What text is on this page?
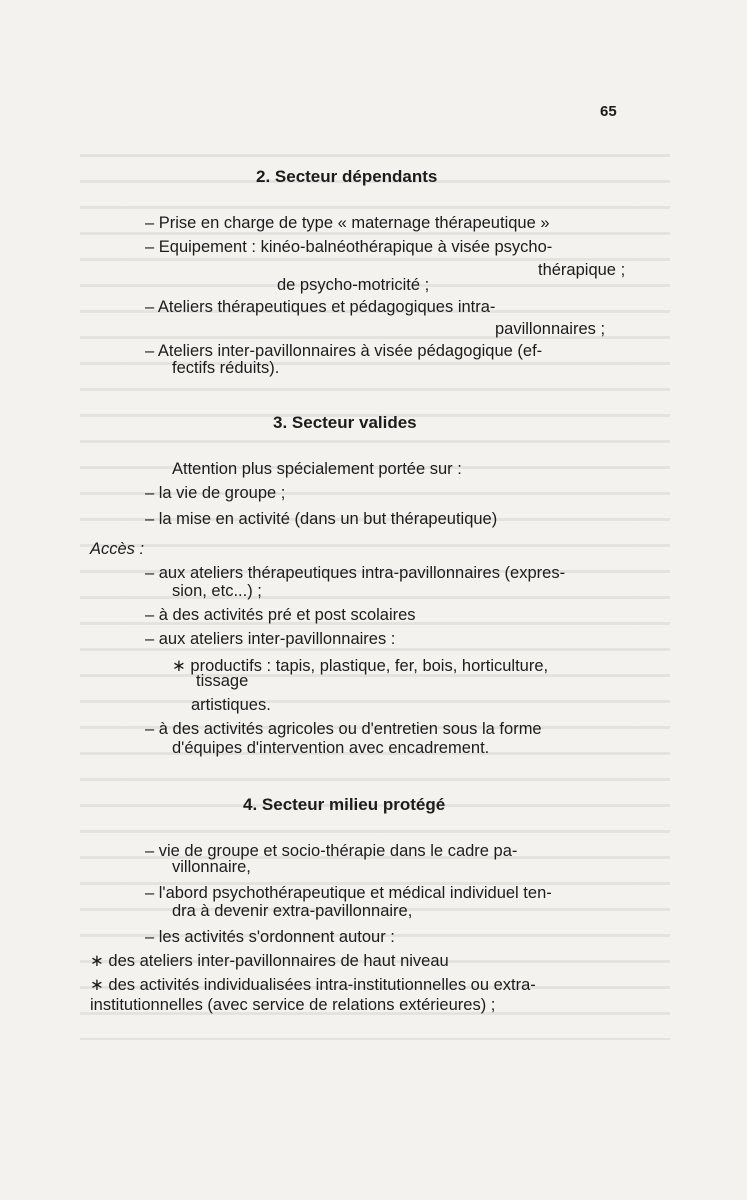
65
2. Secteur dépendants
– Prise en charge de type « maternage thérapeutique »
– Equipement : kinéo-balnéothérapique à visée psycho-
thérapique ;
de psycho-motricité ;
– Ateliers thérapeutiques et pédagogiques intra-
pavillonnaires ;
– Ateliers inter-pavillonnaires à visée pédagogique (ef-
fectifs réduits).
3. Secteur valides
Attention plus spécialement portée sur :
– la vie de groupe ;
– la mise en activité (dans un but thérapeutique)
Accès :
– aux ateliers thérapeutiques intra-pavillonnaires (expres-
sion, etc...) ;
– à des activités pré et post scolaires
– aux ateliers inter-pavillonnaires :
∗ productifs : tapis, plastique, fer, bois, horticulture,
tissage
artistiques.
– à des activités agricoles ou d'entretien sous la forme
d'équipes d'intervention avec encadrement.
4. Secteur milieu protégé
– vie de groupe et socio-thérapie dans le cadre pa-
villonnaire,
– l'abord psychothérapeutique et médical individuel ten-
dra à devenir extra-pavillonnaire,
– les activités s'ordonnent autour :
∗ des ateliers inter-pavillonnaires de haut niveau
∗ des activités individualisées intra-institutionnelles ou extra-
institutionnelles (avec service de relations extérieures) ;
